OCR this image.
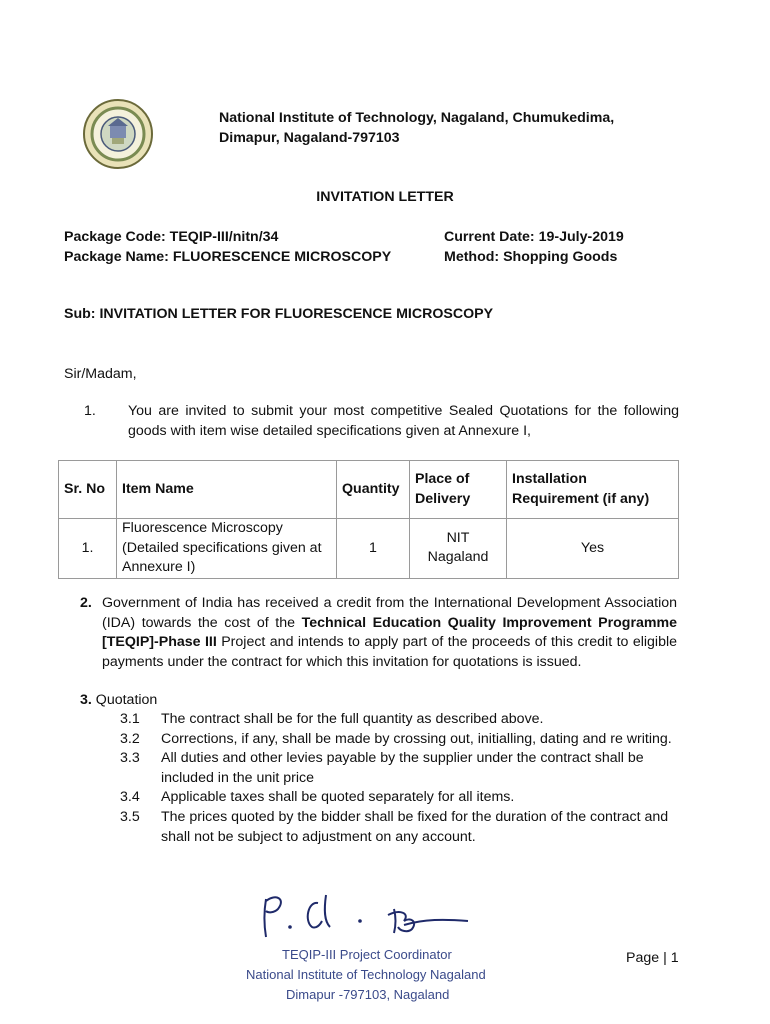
National Institute of Technology, Nagaland, Chumukedima,
Dimapur, Nagaland-797103
INVITATION LETTER
Package Code: TEQIP-III/nitn/34
Package Name: FLUORESCENCE MICROSCOPY
Current Date: 19-July-2019
Method: Shopping Goods
Sub: INVITATION LETTER FOR FLUORESCENCE MICROSCOPY
Sir/Madam,
1. You are invited to submit your most competitive Sealed Quotations for the following goods with item wise detailed specifications given at Annexure I,
Sr. No	Item Name	Quantity	Place of Delivery	Installation Requirement (if any)
1.	Fluorescence Microscopy (Detailed specifications given at Annexure I)	1	NIT Nagaland	Yes
2. Government of India has received a credit from the International Development Association (IDA) towards the cost of the Technical Education Quality Improvement Programme [TEQIP]-Phase III Project and intends to apply part of the proceeds of this credit to eligible payments under the contract for which this invitation for quotations is issued.
3. Quotation
3.1	The contract shall be for the full quantity as described above.
3.2	Corrections, if any, shall be made by crossing out, initialling, dating and re writing.
3.3	All duties and other levies payable by the supplier under the contract shall be included in the unit price
3.4	Applicable taxes shall be quoted separately for all items.
3.5	The prices quoted by the bidder shall be fixed for the duration of the contract and shall not be subject to adjustment on any account.
TEQIP-III Project Coordinator
National Institute of Technology Nagaland
Dimapur -797103, Nagaland
Page | 1
